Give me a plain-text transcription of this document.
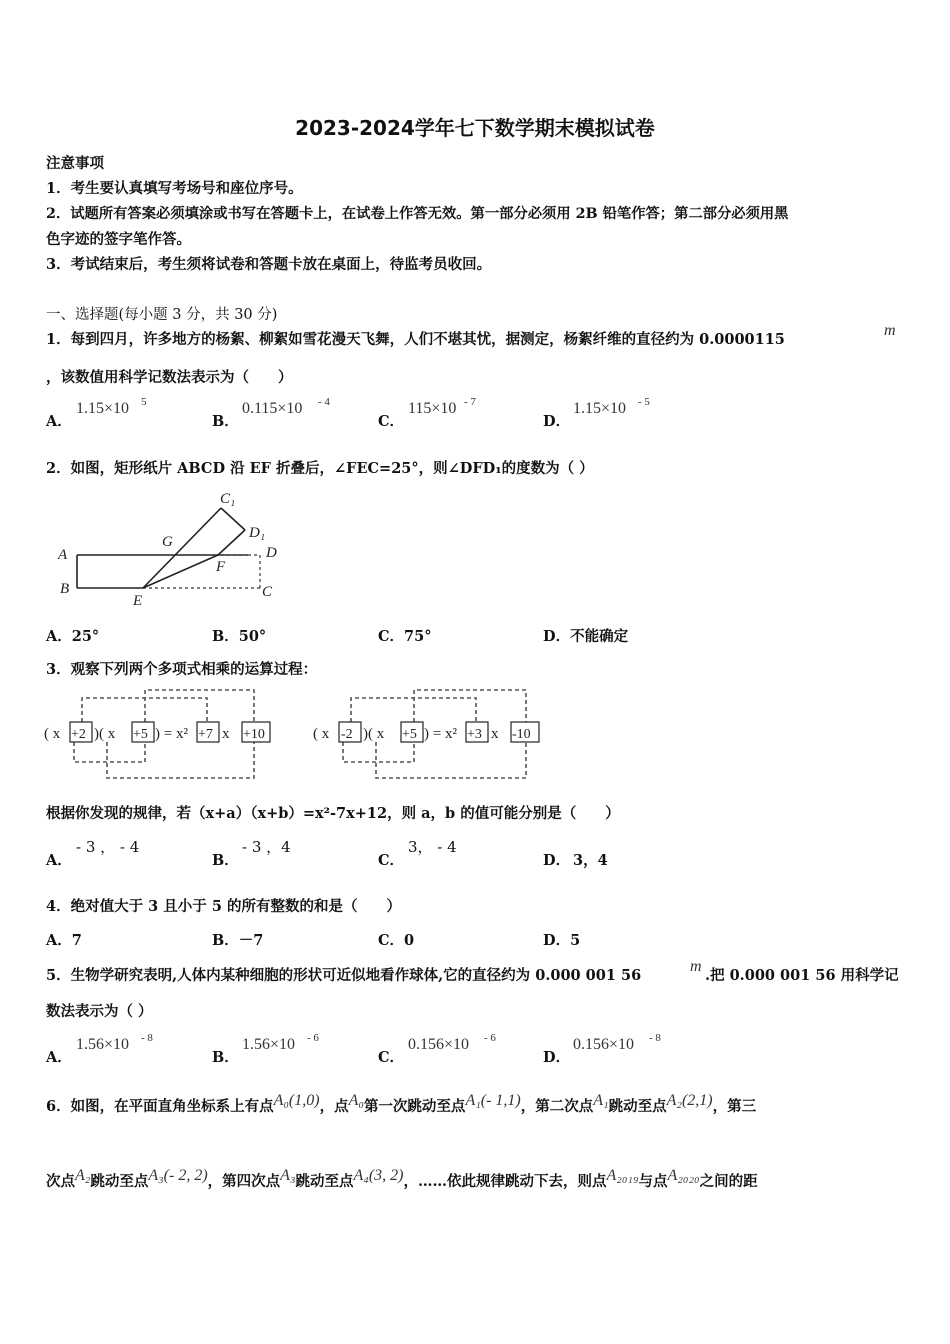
2023-2024学年七下数学期末模拟试卷
注意事项
1．考生要认真填写考场号和座位序号。
2．试题所有答案必须填涂或书写在答题卡上，在试卷上作答无效。第一部分必须用 2B 铅笔作答；第二部分必须用黑
色字迹的签字笔作答。
3．考试结束后，考生须将试卷和答题卡放在桌面上，待监考员收回。
一、选择题(每小题 3 分，共 30 分)
1．每到四月，许多地方的杨絮、柳絮如雪花漫天飞舞，人们不堪其忧，据测定，杨絮纤维的直径约为 0.0000115
m
，该数值用科学记数法表示为（　　）
A．
1.15×10 5
B．
0.115×10 - 4
C．
115×10 - 7
D．
1.15×10 - 5
2．如图，矩形纸片 ABCD 沿 EF 折叠后，∠FEC=25°，则∠DFD₁的度数为（ ）
C₁
D₁
G
A	D
F
B
E
C
A．25°	B．50°	C．75°	D．不能确定
3．观察下列两个多项式相乘的运算过程：
( x +2 )( x +5 ) = x² +7 x +10	( x -2 )( x +5 ) = x² +3 x -10
根据你发现的规律，若（x+a）（x+b）=x²-7x+12，则 a，b 的值可能分别是（　　）
A．
- 3 ， - 4
B．
- 3 ，4
C．
3， - 4
D． 3，4
4．绝对值大于 3 且小于 5 的所有整数的和是（　　）
A．7	B．－7	C．0	D．5
5．生物学研究表明,人体内某种细胞的形状可近似地看作球体,它的直径约为 0.000 001 56
m
.把 0.000 001 56 用科学记
数法表示为（ ）
A．
1.56×10 - 8
B．
1.56×10 - 6
C．
0.156×10 - 6
D．
0.156×10 - 8
6．如图，在平面直角坐标系上有点A₀(1,0)，点A₀第一次跳动至点A₁(- 1,1)，第二次点A₁跳动至点A₂(2,1)，第三
次点A₂跳动至点A₃(- 2, 2)，第四次点A₃跳动至点A₄(3, 2)，……依此规律跳动下去，则点A₂₀₁₉与点A₂₀₂₀之间的距
